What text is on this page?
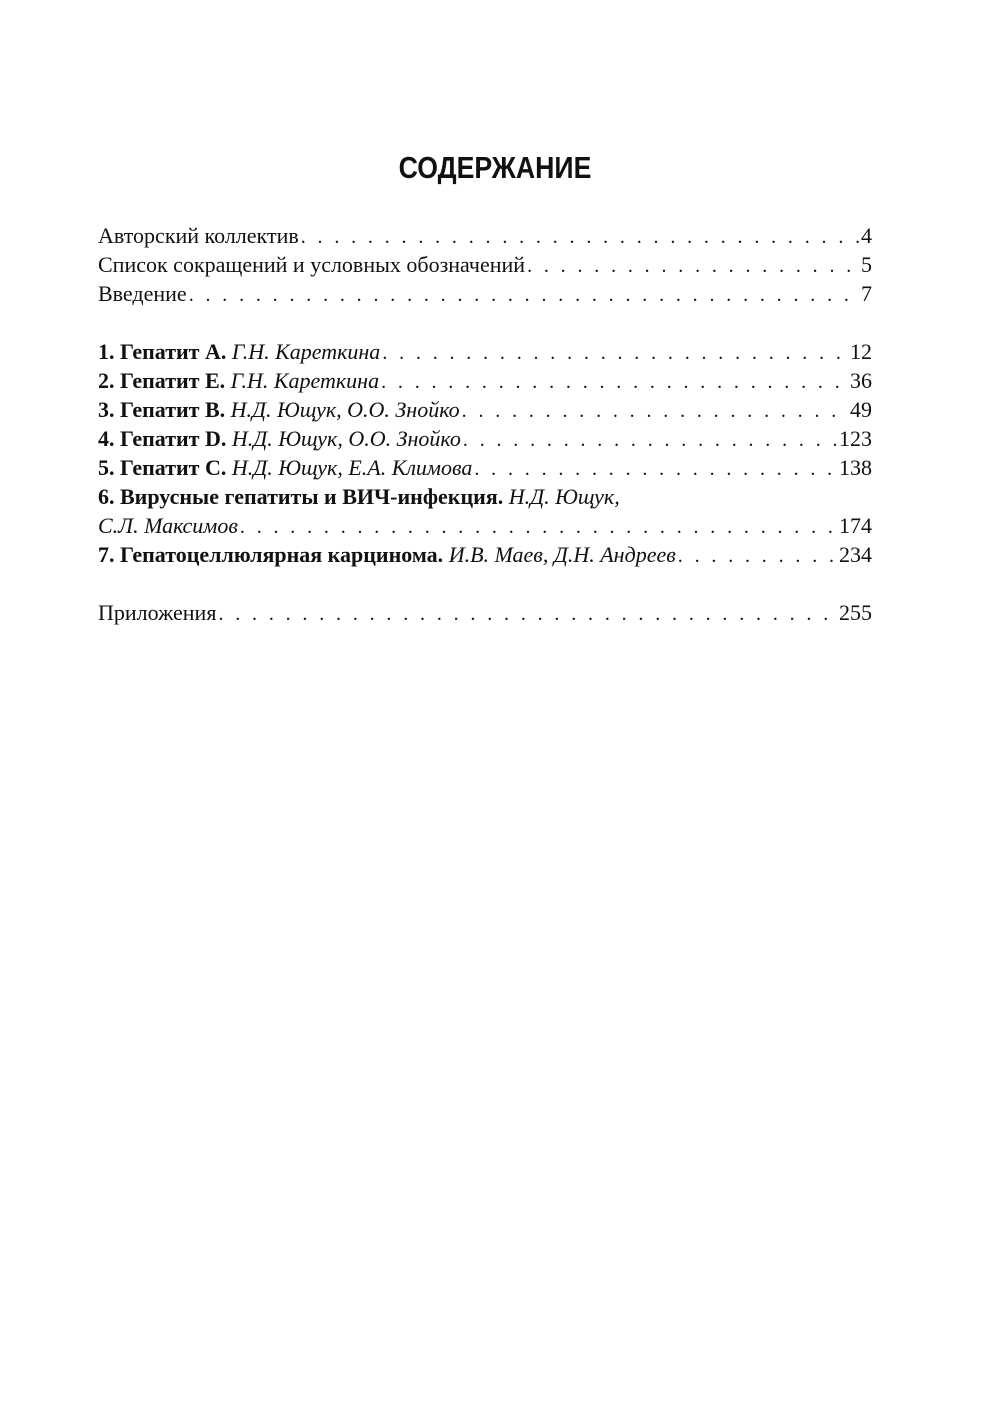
СОДЕРЖАНИЕ
Авторский коллектив . . .	4
Список сокращений и условных обозначений . . .	5
Введение . . .	7
1. Гепатит А. Г.Н. Кареткина . . .	12
2. Гепатит Е. Г.Н. Кареткина . . .	36
3. Гепатит В. Н.Д. Ющук, О.О. Знойко . . .	49
4. Гепатит D. Н.Д. Ющук, О.О. Знойко . . .	123
5. Гепатит С. Н.Д. Ющук, Е.А. Климова . . .	138
6. Вирусные гепатиты и ВИЧ-инфекция. Н.Д. Ющук,
С.Л. Максимов . . .	174
7. Гепатоцеллюлярная карцинома. И.В. Маев, Д.Н. Андреев . . .	234
Приложения . . .	255
